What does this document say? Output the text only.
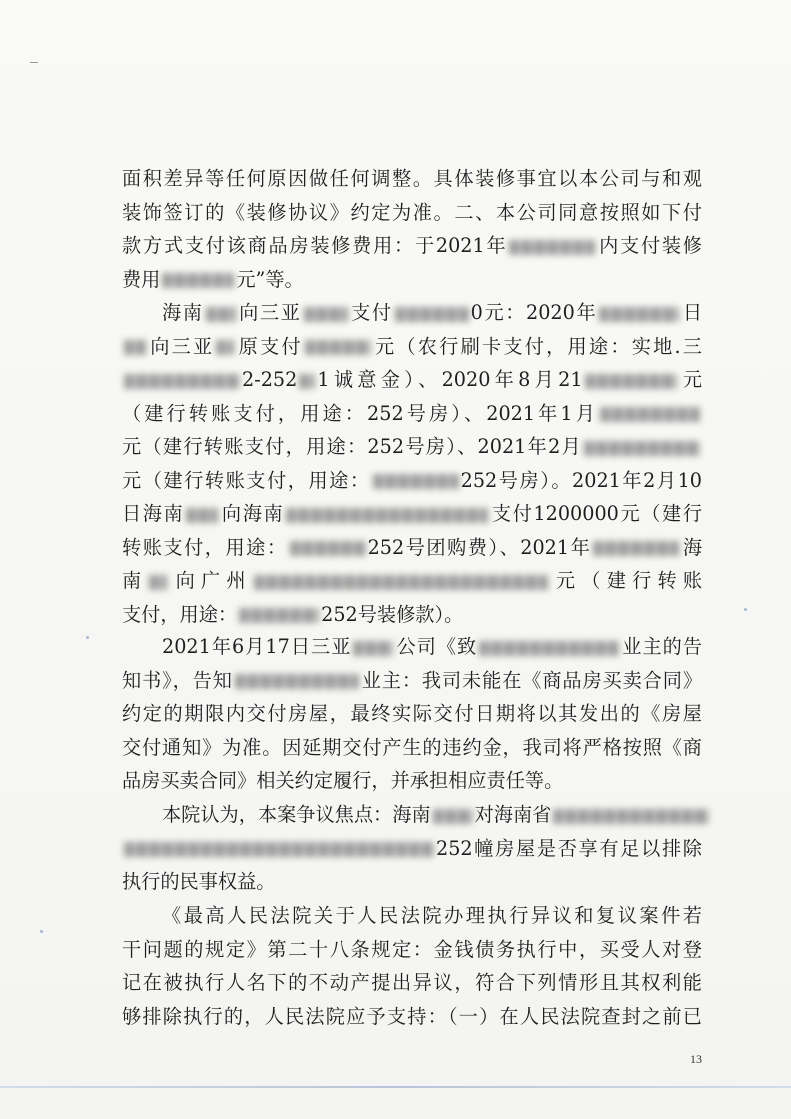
面积差异等任何原因做任何调整。具体装修事宜以本公司与和观
装饰签订的《装修协议》约定为准。二、本公司同意按照如下付
款方式支付该商品房装修费用：于2021年	内支付装修
费用	元”等。
海南 向三亚	支付	0元：2020年	日
向三亚 原支付	元（农行刷卡支付，用途：实地.三
2-252 1诚意金）、2020年8月21	元
（建行转账支付，用途：252号房）、2021年1月
元（建行转账支付，用途：252号房）、2021年2月
元（建行转账支付，用途：	252号房）。2021年2月10
日海南 向海南	支付1200000元（建行
转账支付，用途：	252号团购费）、2021年	海
南 向广州	元（建行转账
支付，用途：	252号装修款）。
2021年6月17日三亚 公司《致	业主的告
知书》，告知	业主：我司未能在《商品房买卖合同》
约定的期限内交付房屋，最终实际交付日期将以其发出的《房屋
交付通知》为准。因延期交付产生的违约金，我司将严格按照《商
品房买卖合同》相关约定履行，并承担相应责任等。
本院认为，本案争议焦点：海南 对海南省
252幢房屋是否享有足以排除
执行的民事权益。
《最高人民法院关于人民法院办理执行异议和复议案件若
干问题的规定》第二十八条规定：金钱债务执行中，买受人对登
记在被执行人名下的不动产提出异议，符合下列情形且其权利能
够排除执行的，人民法院应予支持：（一）在人民法院查封之前已
13
